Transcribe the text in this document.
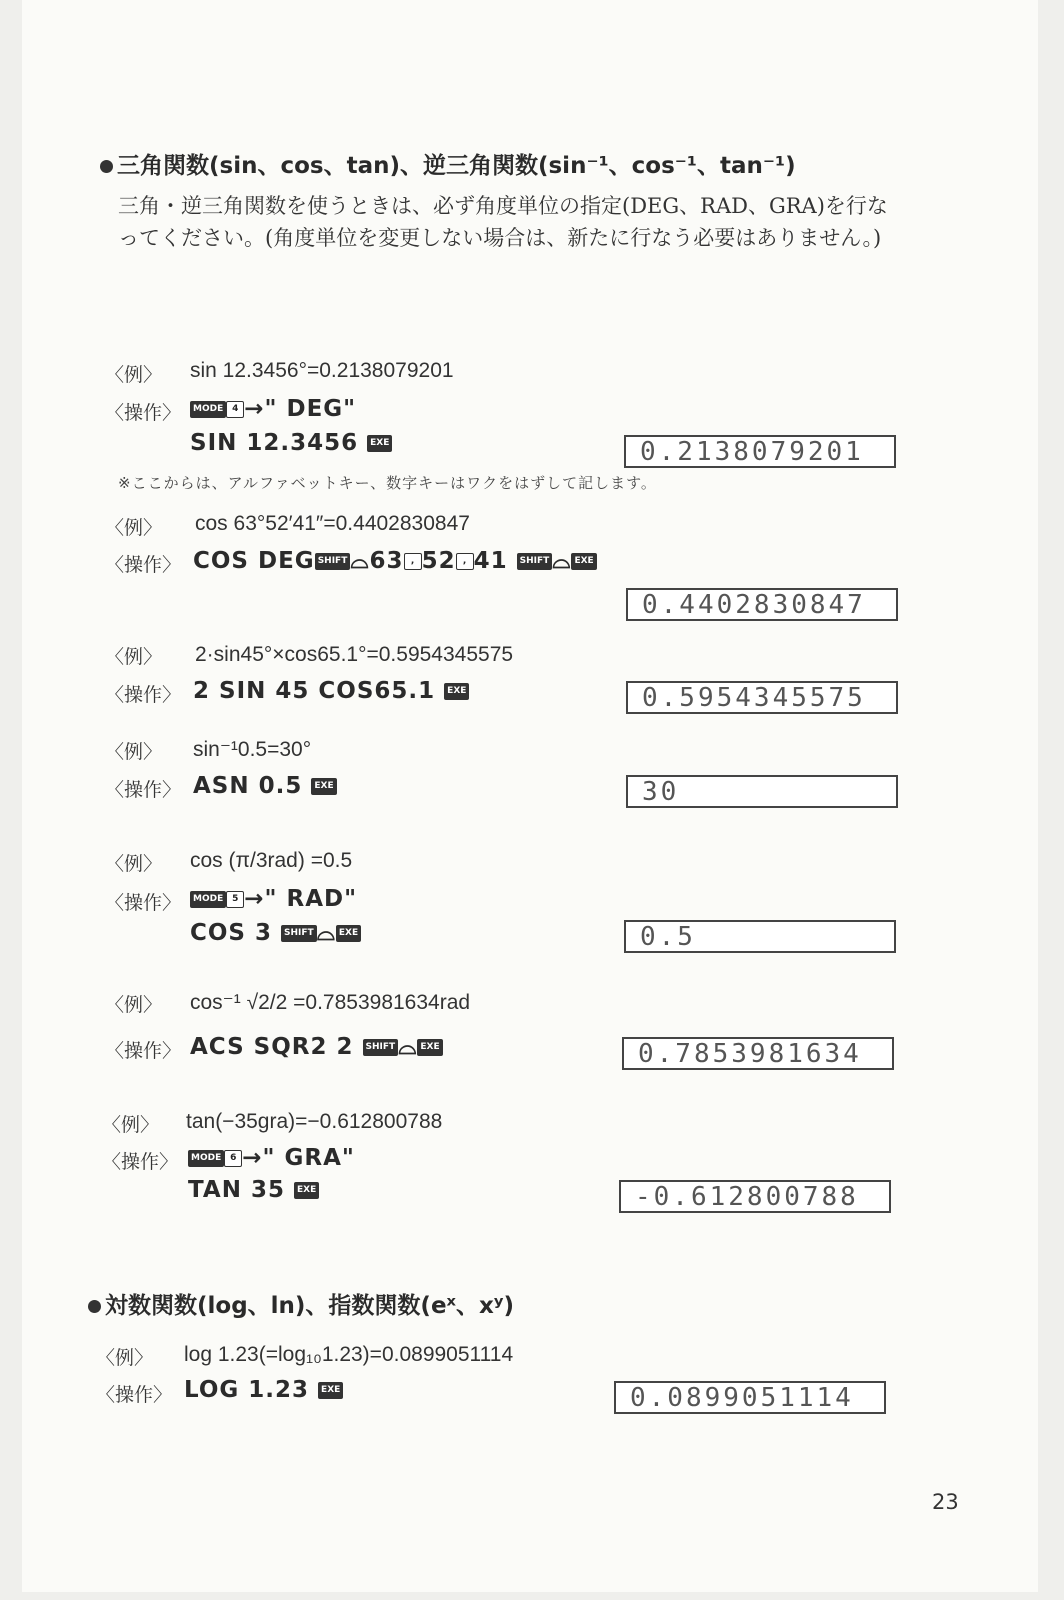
三角関数(sin、cos、tan)、逆三角関数(sin⁻¹、cos⁻¹、tan⁻¹)
三角・逆三角関数を使うときは、必ず角度単位の指定(DEG、RAD、GRA)を行なってください。(角度単位を変更しない場合は、新たに行なう必要はありません。)
〈例〉 sin 12.3456°=0.2138079201
〈操作〉	MODE 4 →" DEG"
SIN 12.3456 EXE	0.2138079201
※ここからは、アルファベットキー、数字キーはワクをはずして記します。
〈例〉 cos 63°52′41″=0.4402830847
〈操作〉 COS DEG SHIFT ⌓63 , 52 , 41 SHIFT ⌓ EXE
0.4402830847
〈例〉 2·sin45°×cos65.1°=0.5954345575
〈操作〉 2 SIN 45 COS65.1 EXE	0.5954345575
〈例〉 sin⁻¹0.5=30°
〈操作〉 ASN 0.5 EXE	30
〈例〉 cos (π/3rad) =0.5
〈操作〉	MODE 5 →" RAD"
COS 3 SHIFT ⌓ EXE	0.5
〈例〉 cos⁻¹ √2/2 =0.7853981634rad
〈操作〉 ACS SQR2 2 SHIFT ⌓ EXE	0.7853981634
〈例〉 tan(−35gra)=−0.612800788
〈操作〉	MODE 6 →" GRA"
TAN 35 EXE	-0.612800788
対数関数(log、ln)、指数関数(eˣ、xʸ)
〈例〉 log 1.23(=log₁₀1.23)=0.0899051114
〈操作〉 LOG 1.23 EXE	0.0899051114
23
